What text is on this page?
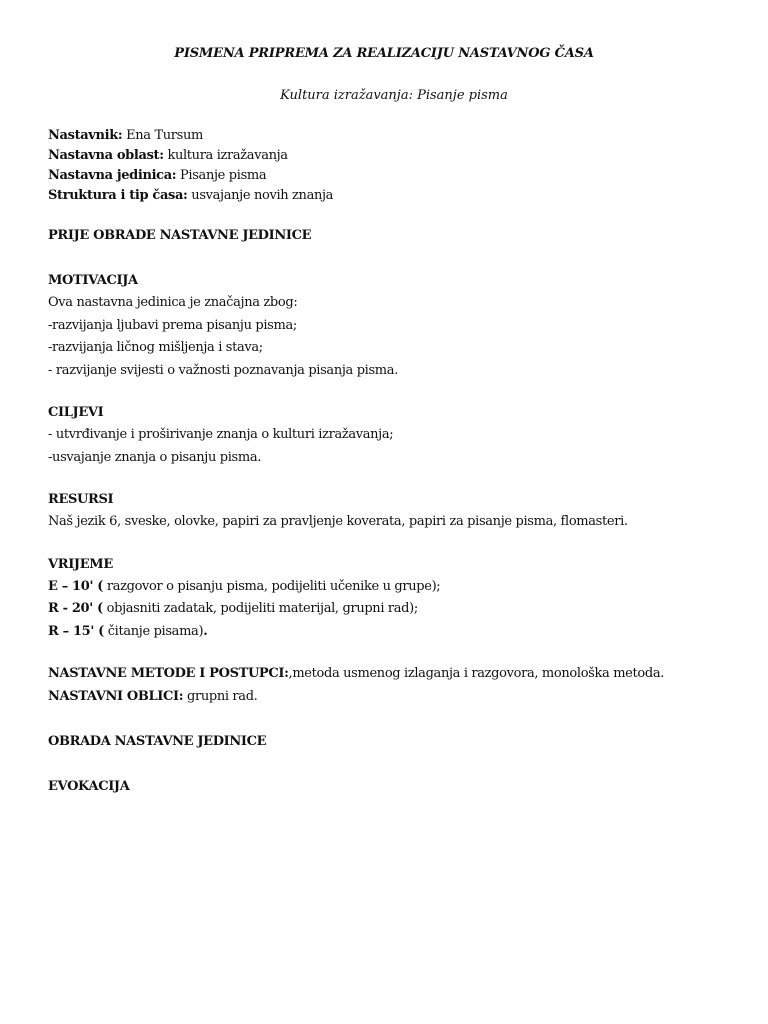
PISMENA PRIPREMA ZA REALIZACIJU NASTAVNOG ČASA
Kultura izražavanja: Pisanje pisma
Nastavnik: Ena Tursum
Nastavna oblast: kultura izražavanja
Nastavna jedinica: Pisanje pisma
Struktura i tip časa: usvajanje novih znanja
PRIJE OBRADE NASTAVNE JEDINICE
MOTIVACIJA
Ova nastavna jedinica je značajna zbog:
-razvijanja ljubavi prema pisanju pisma;
-razvijanja ličnog mišljenja i stava;
- razvijanje svijesti o važnosti poznavanja pisanja pisma.
CILJEVI
- utvrđivanje i proširivanje znanja o kulturi izražavanja;
-usvajanje znanja o pisanju pisma.
RESURSI
Naš jezik 6, sveske, olovke, papiri za pravljenje koverata, papiri za pisanje pisma, flomasteri.
VRIJEME
E – 10' ( razgovor o pisanju pisma, podijeliti učenike u grupe);
R - 20' ( objasniti zadatak, podijeliti materijal, grupni rad);
R – 15' ( čitanje pisama).
NASTAVNE METODE I POSTUPCI:,metoda usmenog izlaganja i razgovora, monološka metoda.
NASTAVNI OBLICI: grupni rad.
OBRADA NASTAVNE JEDINICE
EVOKACIJA
